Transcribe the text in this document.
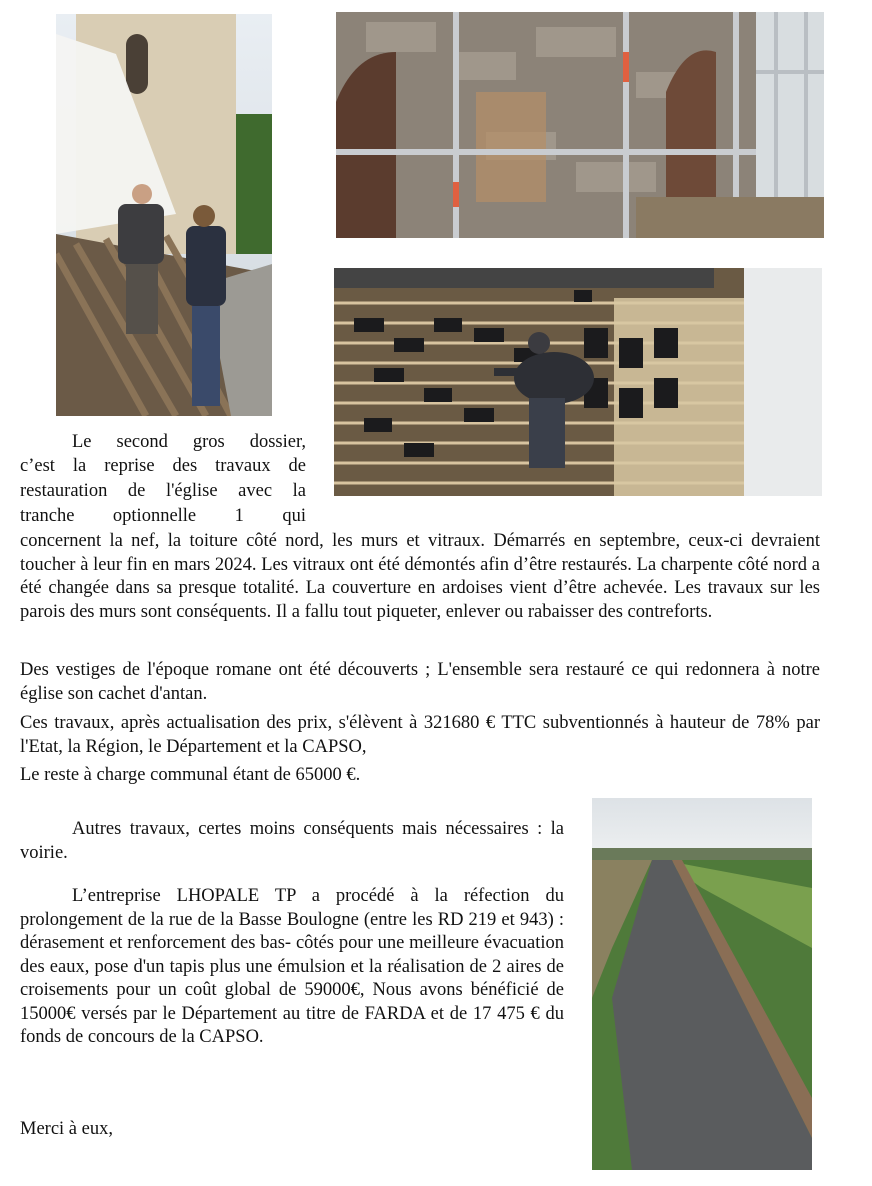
Le second gros dossier,
c’est la reprise des travaux de
restauration de l'église avec la
tranche optionnelle 1 qui

concernent la nef, la toiture côté nord, les murs et vitraux. Démarrés en septembre, ceux-ci devraient toucher à leur fin en mars 2024. Les vitraux ont été démontés afin d’être restaurés. La charpente côté nord a été changée dans sa presque totalité. La couverture en ardoises vient d’être achevée. Les travaux sur les parois des murs sont conséquents. Il a fallu tout piqueter, enlever ou rabaisser des contreforts.

Des vestiges de l'époque romane ont été découverts ; L'ensemble sera restauré ce qui redonnera à notre église son cachet d'antan.

Ces travaux, après actualisation des prix, s'élèvent à 321680 € TTC subventionnés à hauteur de 78% par l'Etat, la Région, le Département et la CAPSO,

Le reste à charge communal étant de 65000 €.

Autres travaux, certes moins conséquents mais nécessaires : la voirie.

L’entreprise LHOPALE TP a procédé à la réfection du prolongement de la rue de la Basse Boulogne (entre les RD 219 et 943) : dérasement et renforcement des bas- côtés pour une meilleure évacuation des eaux, pose d'un tapis plus une émulsion et la réalisation de 2 aires de croisements pour un coût global de 59000€, Nous avons bénéficié de 15000€ versés par le Département au titre de FARDA et de 17 475 € du fonds de concours de la CAPSO.

Merci à eux,
